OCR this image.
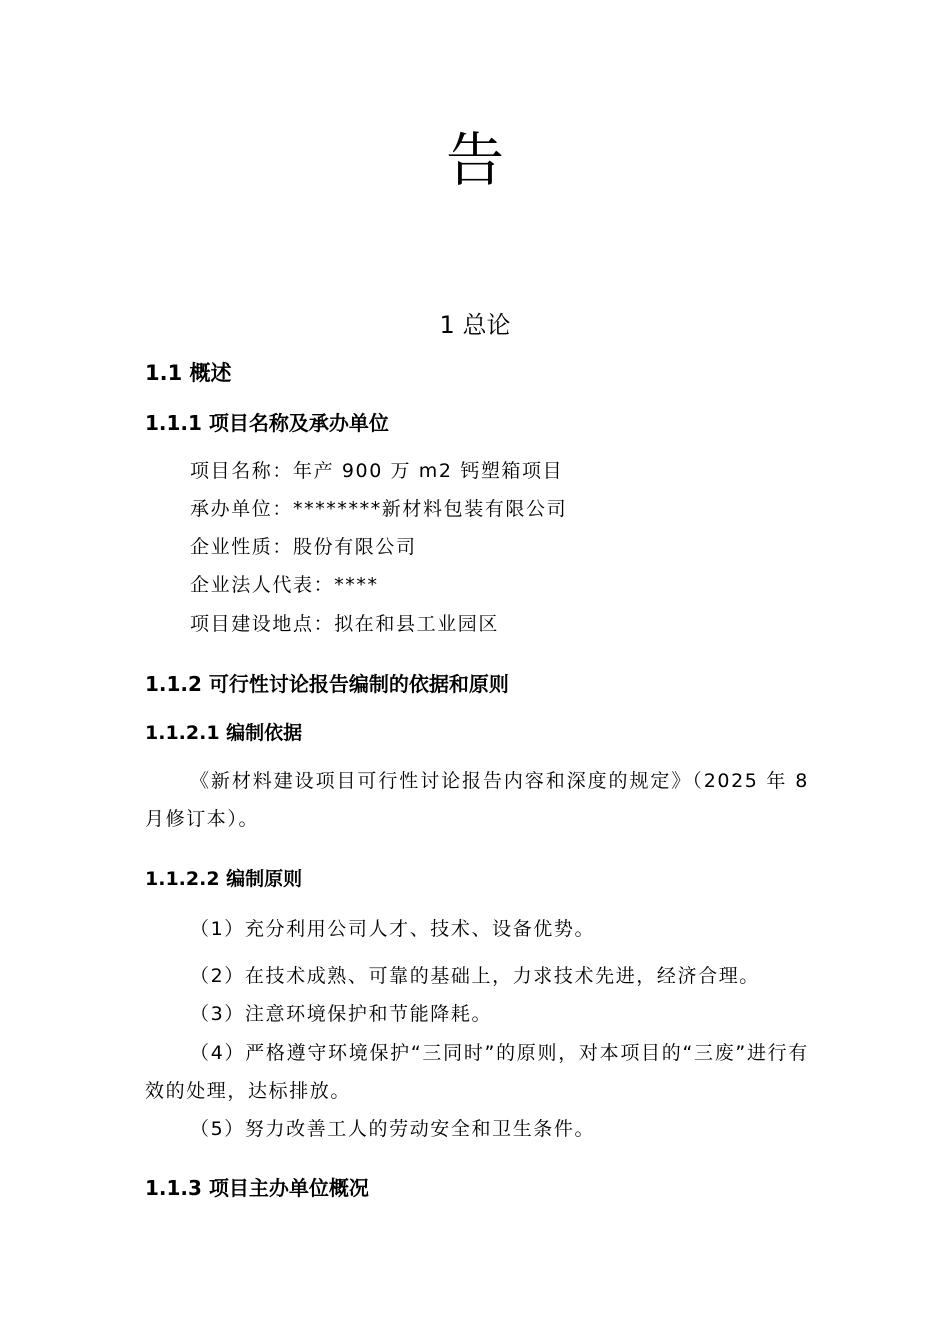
告
1 总论
1.1 概述
1.1.1 项目名称及承办单位
项目名称：年产 900 万 m2 钙塑箱项目
承办单位：********新材料包装有限公司
企业性质：股份有限公司
企业法人代表：****
项目建设地点：拟在和县工业园区
1.1.2 可行性讨论报告编制的依据和原则
1.1.2.1 编制依据
《新材料建设项目可行性讨论报告内容和深度的规定》（2025 年 8 月修订本）。
1.1.2.2 编制原则
（1）充分利用公司人才、技术、设备优势。
（2）在技术成熟、可靠的基础上，力求技术先进，经济合理。
（3）注意环境保护和节能降耗。
（4）严格遵守环境保护“三同时”的原则，对本项目的“三废”进行有效的处理，达标排放。
（5）努力改善工人的劳动安全和卫生条件。
1.1.3 项目主办单位概况
